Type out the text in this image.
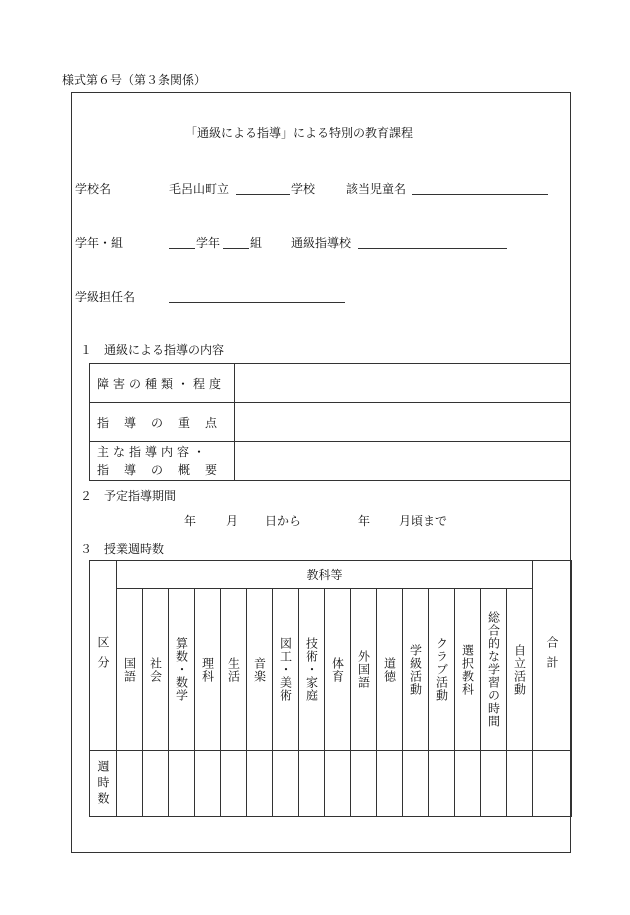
様式第６号（第３条関係）
「通級による指導」による特別の教育課程
学校名	毛呂山町立	学校	該当児童名
学年・組	学年 組 通級指導校
学級担任名
１　通級による指導の内容
障害の種類・程度	
指導の重点	

主な指導内容・
指導の概要	

２　予定指導期間
年 月 日から	年 月頃まで
３　授業週時数
区分	教科等																合計

	国語	社会	算数・数学	理科	生活	音楽	図工・美術	技術・家庭	体育	外国語	道徳	学級活動	クラブ活動	選択教科	総合的な学習の時間	自立活動	

週時数																	
